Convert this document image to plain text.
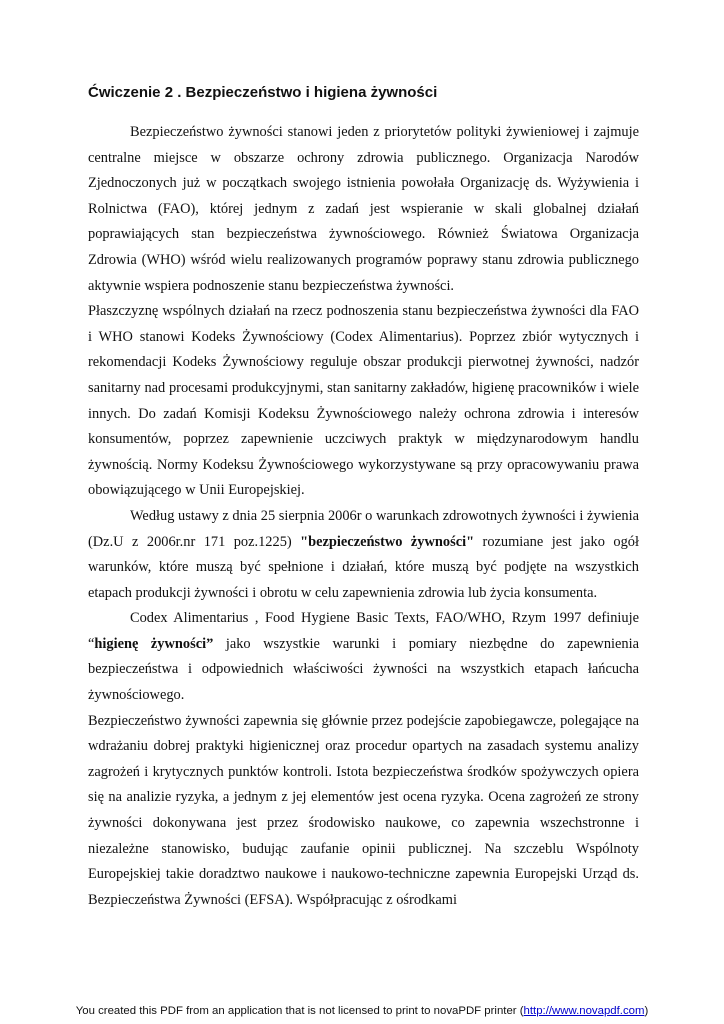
Ćwiczenie 2 . Bezpieczeństwo i higiena żywności

Bezpieczeństwo żywności stanowi jeden z priorytetów polityki żywieniowej i zajmuje centralne miejsce w obszarze ochrony zdrowia publicznego. Organizacja Narodów Zjednoczonych już w początkach swojego istnienia powołała Organizację ds. Wyżywienia i Rolnictwa (FAO), której jednym z zadań jest wspieranie w skali globalnej działań poprawiających stan bezpieczeństwa żywnościowego. Również Światowa Organizacja Zdrowia (WHO) wśród wielu realizowanych programów poprawy stanu zdrowia publicznego aktywnie wspiera podnoszenie stanu bezpieczeństwa żywności.

Płaszczyznę wspólnych działań na rzecz podnoszenia stanu bezpieczeństwa żywności dla FAO i WHO stanowi Kodeks Żywnościowy (Codex Alimentarius). Poprzez zbiór wytycznych i rekomendacji Kodeks Żywnościowy reguluje obszar produkcji pierwotnej żywności, nadzór sanitarny nad procesami produkcyjnymi, stan sanitarny zakładów, higienę pracowników i wiele innych. Do zadań Komisji Kodeksu Żywnościowego należy ochrona zdrowia i interesów konsumentów, poprzez zapewnienie uczciwych praktyk w międzynarodowym handlu żywnością. Normy Kodeksu Żywnościowego wykorzystywane są przy opracowywaniu prawa obowiązującego w Unii Europejskiej.

Według ustawy z dnia 25 sierpnia 2006r o warunkach zdrowotnych żywności i żywienia (Dz.U z 2006r.nr 171 poz.1225) "bezpieczeństwo żywności" rozumiane jest jako ogół warunków, które muszą być spełnione i działań, które muszą być podjęte na wszystkich etapach produkcji żywności i obrotu w celu zapewnienia zdrowia lub życia konsumenta.

Codex Alimentarius , Food Hygiene Basic Texts, FAO/WHO, Rzym 1997 definiuje “higienę żywności” jako wszystkie warunki i pomiary niezbędne do zapewnienia bezpieczeństwa i odpowiednich właściwości żywności na wszystkich etapach łańcucha żywnościowego.

Bezpieczeństwo żywności zapewnia się głównie przez podejście zapobiegawcze, polegające na wdrażaniu dobrej praktyki higienicznej oraz procedur opartych na zasadach systemu analizy zagrożeń i krytycznych punktów kontroli. Istota bezpieczeństwa środków spożywczych opiera się na analizie ryzyka, a jednym z jej elementów jest ocena ryzyka. Ocena zagrożeń ze strony żywności dokonywana jest przez środowisko naukowe, co zapewnia wszechstronne i niezależne stanowisko, budując zaufanie opinii publicznej. Na szczeblu Wspólnoty Europejskiej takie doradztwo naukowe i naukowo-techniczne zapewnia Europejski Urząd ds. Bezpieczeństwa Żywności (EFSA). Współpracując z ośrodkami

You created this PDF from an application that is not licensed to print to novaPDF printer (http://www.novapdf.com)
